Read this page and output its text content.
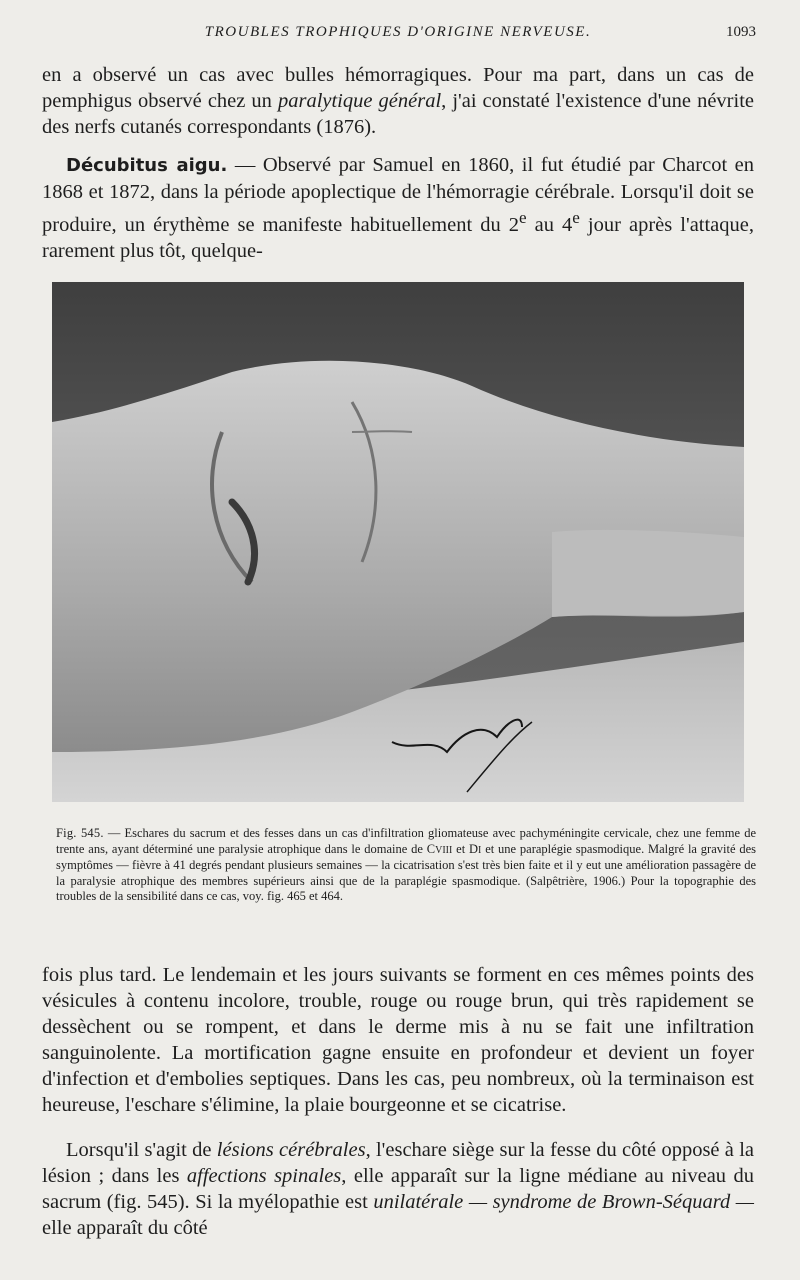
TROUBLES TROPHIQUES D'ORIGINE NERVEUSE.	1093

en a observé un cas avec bulles hémorragiques. Pour ma part, dans un cas de pemphigus observé chez un paralytique général, j'ai constaté l'existence d'une névrite des nerfs cutanés correspondants (1876).

Décubitus aigu. — Observé par Samuel en 1860, il fut étudié par Charcot en 1868 et 1872, dans la période apoplectique de l'hémorragie cérébrale. Lorsqu'il doit se produire, un érythème se manifeste habituellement du 2e au 4e jour après l'attaque, rarement plus tôt, quelque-

Fig. 545. — Eschares du sacrum et des fesses dans un cas d'infiltration gliomateuse avec pachyméningite cervicale, chez une femme de trente ans, ayant déterminé une paralysie atrophique dans le domaine de CVIII et DI et une paraplégie spasmodique. Malgré la gravité des symptômes — fièvre à 41 degrés pendant plusieurs semaines — la cicatrisation s'est très bien faite et il y eut une amélioration passagère de la paralysie atrophique des membres supérieurs ainsi que de la paraplégie spasmodique. (Salpêtrière, 1906.) Pour la topographie des troubles de la sensibilité dans ce cas, voy. fig. 465 et 464.

fois plus tard. Le lendemain et les jours suivants se forment en ces mêmes points des vésicules à contenu incolore, trouble, rouge ou rouge brun, qui très rapidement se dessèchent ou se rompent, et dans le derme mis à nu se fait une infiltration sanguinolente. La mortification gagne ensuite en profondeur et devient un foyer d'infection et d'embolies septiques. Dans les cas, peu nombreux, où la terminaison est heureuse, l'eschare s'élimine, la plaie bourgeonne et se cicatrise.

Lorsqu'il s'agit de lésions cérébrales, l'eschare siège sur la fesse du côté opposé à la lésion ; dans les affections spinales, elle apparaît sur la ligne médiane au niveau du sacrum (fig. 545). Si la myélopathie est unilatérale — syndrome de Brown-Séquard — elle apparaît du côté
